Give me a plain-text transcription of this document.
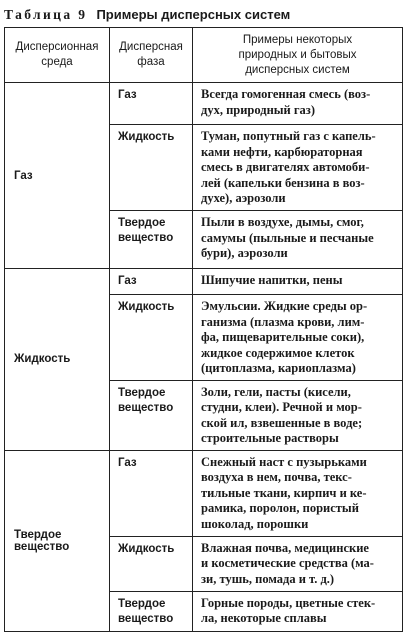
Таблица 9 Примеры дисперсных систем
Дисперсионная
среда	Дисперсная
фаза	Примеры некоторых
природных и бытовых
дисперсных систем
Газ	Газ	Всегда гомогенная смесь (воз-
дух, природный газ)
	Жидкость	Туман, попутный газ с капель-
ками нефти, карбюраторная
смесь в двигателях автомоби-
лей (капельки бензина в воз-
духе), аэрозоли
	Твердое
вещество	Пыли в воздухе, дымы, смог,
самумы (пыльные и песчаные
бури), аэрозоли
Жидкость	Газ	Шипучие напитки, пены
	Жидкость	Эмульсии. Жидкие среды ор-
ганизма (плазма крови, лим-
фа, пищеварительные соки),
жидкое содержимое клеток
(цитоплазма, кариоплазма)
	Твердое
вещество	Золи, гели, пасты (кисели,
студни, клеи). Речной и мор-
ской ил, взвешенные в воде;
строительные растворы
Твердое
вещество	Газ	Снежный наст с пузырьками
воздуха в нем, почва, текс-
тильные ткани, кирпич и ке-
рамика, поролон, пористый
шоколад, порошки
	Жидкость	Влажная почва, медицинские
и косметические средства (ма-
зи, тушь, помада и т. д.)
	Твердое
вещество	Горные породы, цветные стек-
ла, некоторые сплавы
